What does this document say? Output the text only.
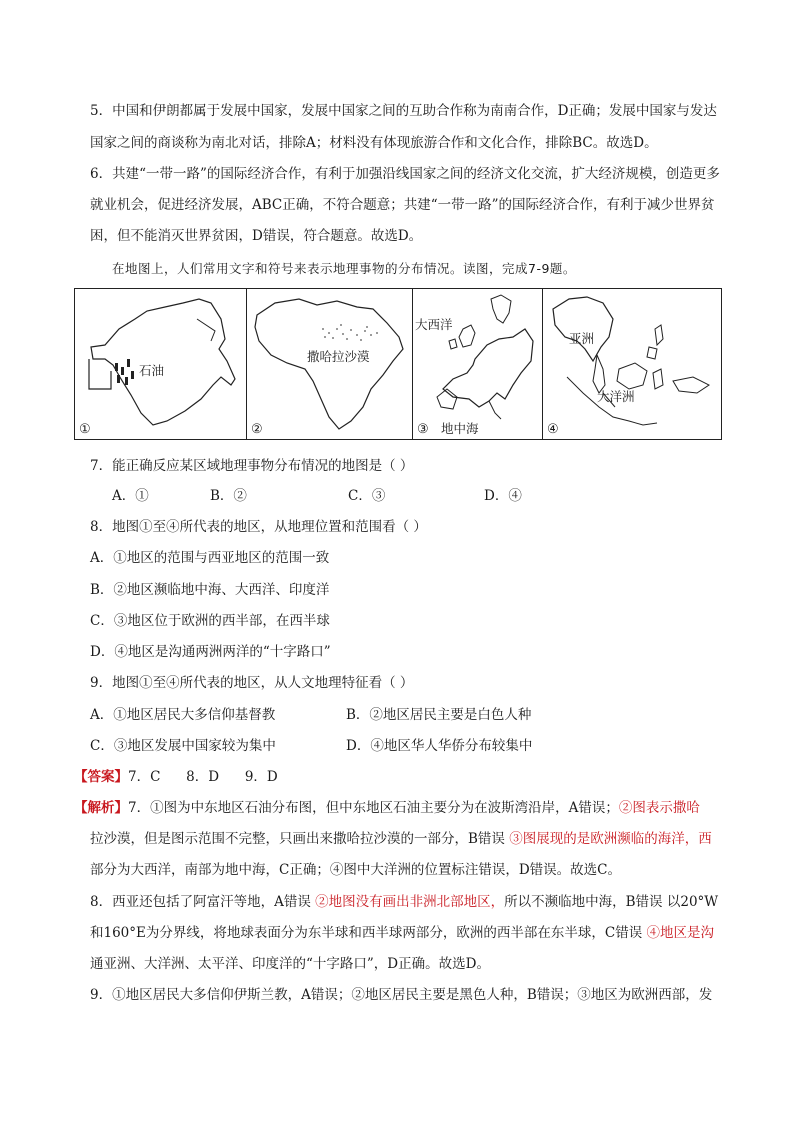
5．中国和伊朗都属于发展中国家，发展中国家之间的互助合作称为南南合作，D正确；发展中国家与发达
国家之间的商谈称为南北对话，排除A；材料没有体现旅游合作和文化合作，排除BC。故选D。
6．共建“一带一路”的国际经济合作，有利于加强沿线国家之间的经济文化交流，扩大经济规模，创造更多
就业机会，促进经济发展，ABC正确，不符合题意；共建“一带一路”的国际经济合作，有利于减少世界贫
困，但不能消灭世界贫困，D错误，符合题意。故选D。
在地图上，人们常用文字和符号来表示地理事物的分布情况。读图，完成7-9题。
石油
①
撒哈拉沙漠
②
大西洋
地中海
③
亚洲
大洋洲
④
7．能正确反应某区域地理事物分布情况的地图是（ ）
A．①	B．②	C．③	D．④
8．地图①至④所代表的地区，从地理位置和范围看（ ）
A．①地区的范围与西亚地区的范围一致
B．②地区濒临地中海、大西洋、印度洋
C．③地区位于欧洲的西半部，在西半球
D．④地区是沟通两洲两洋的“十字路口”
9．地图①至④所代表的地区，从人文地理特征看（ ）
A．①地区居民大多信仰基督教	B．②地区居民主要是白色人种
C．③地区发展中国家较为集中	D．④地区华人华侨分布较集中
【答案】7．C      8．D      9．D
【解析】7．①图为中东地区石油分布图，但中东地区石油主要分为在波斯湾沿岸，A错误；②图表示撒哈
拉沙漠，但是图示范围不完整，只画出来撒哈拉沙漠的一部分，B错误 ③图展现的是欧洲濒临的海洋，西
部分为大西洋，南部为地中海，C正确；④图中大洋洲的位置标注错误，D错误。故选C。
8．西亚还包括了阿富汗等地，A错误 ②地图没有画出非洲北部地区，所以不濒临地中海，B错误 以20°W
和160°E为分界线，将地球表面分为东半球和西半球两部分，欧洲的西半部在东半球，C错误 ④地区是沟
通亚洲、大洋洲、太平洋、印度洋的“十字路口”，D正确。故选D。
9．①地区居民大多信仰伊斯兰教，A错误；②地区居民主要是黑色人种，B错误；③地区为欧洲西部，发
